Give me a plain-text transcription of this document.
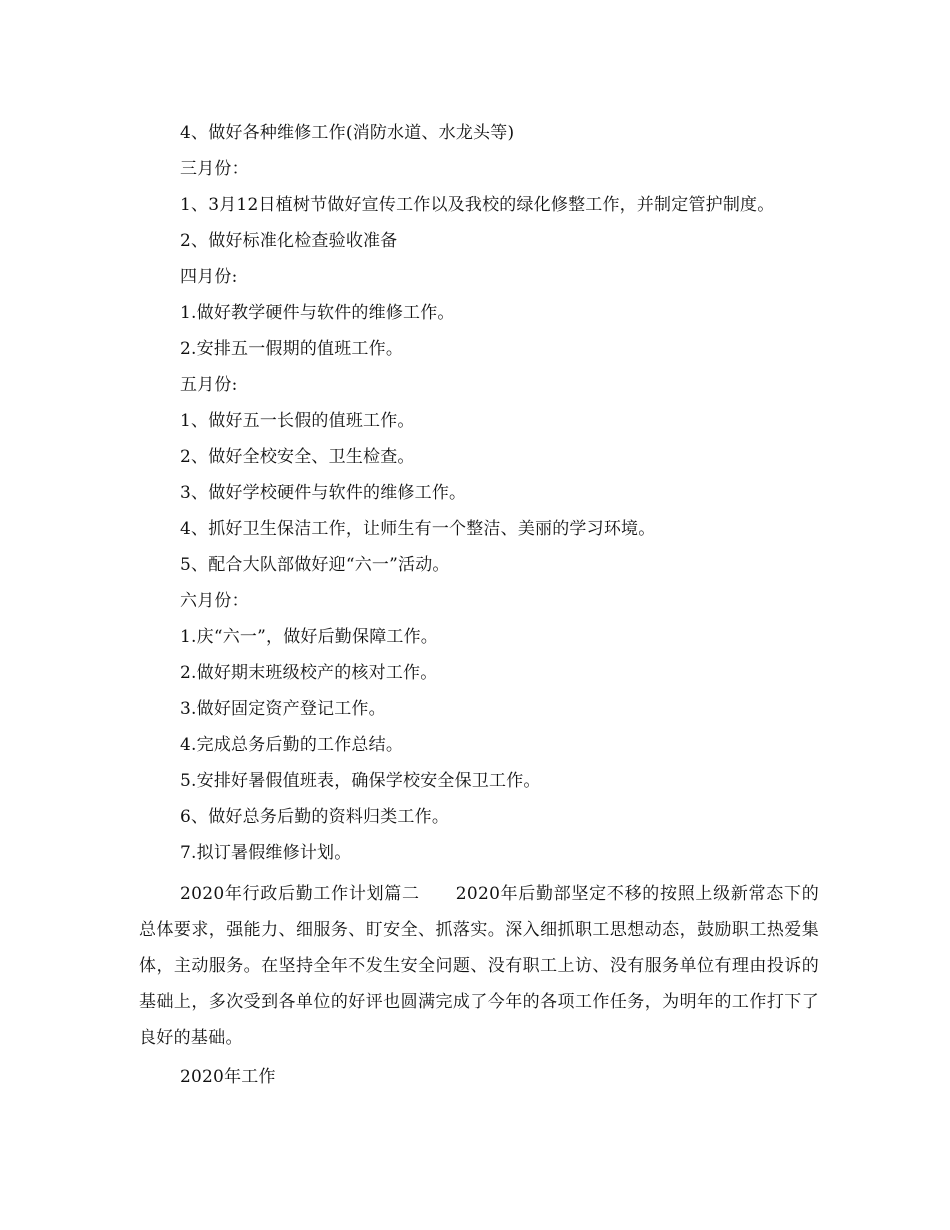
4、做好各种维修工作(消防水道、水龙头等)
三月份：
1、3月12日植树节做好宣传工作以及我校的绿化修整工作，并制定管护制度。
2、做好标准化检查验收准备
四月份:
1.做好教学硬件与软件的维修工作。
2.安排五一假期的值班工作。
五月份:
1、做好五一长假的值班工作。
2、做好全校安全、卫生检查。
3、做好学校硬件与软件的维修工作。
4、抓好卫生保洁工作，让师生有一个整洁、美丽的学习环境。
5、配合大队部做好迎“六一”活动。
六月份：
1.庆“六一”，做好后勤保障工作。
2.做好期末班级校产的核对工作。
3.做好固定资产登记工作。
4.完成总务后勤的工作总结。
5.安排好暑假值班表，确保学校安全保卫工作。
6、做好总务后勤的资料归类工作。
7.拟订暑假维修计划。
2020年行政后勤工作计划篇二 2020年后勤部坚定不移的按照上级新常态下的总体要求，强能力、细服务、盯安全、抓落实。深入细抓职工思想动态，鼓励职工热爱集体，主动服务。在坚持全年不发生安全问题、没有职工上访、没有服务单位有理由投诉的基础上，多次受到各单位的好评也圆满完成了今年的各项工作任务，为明年的工作打下了良好的基础。
2020年工作
